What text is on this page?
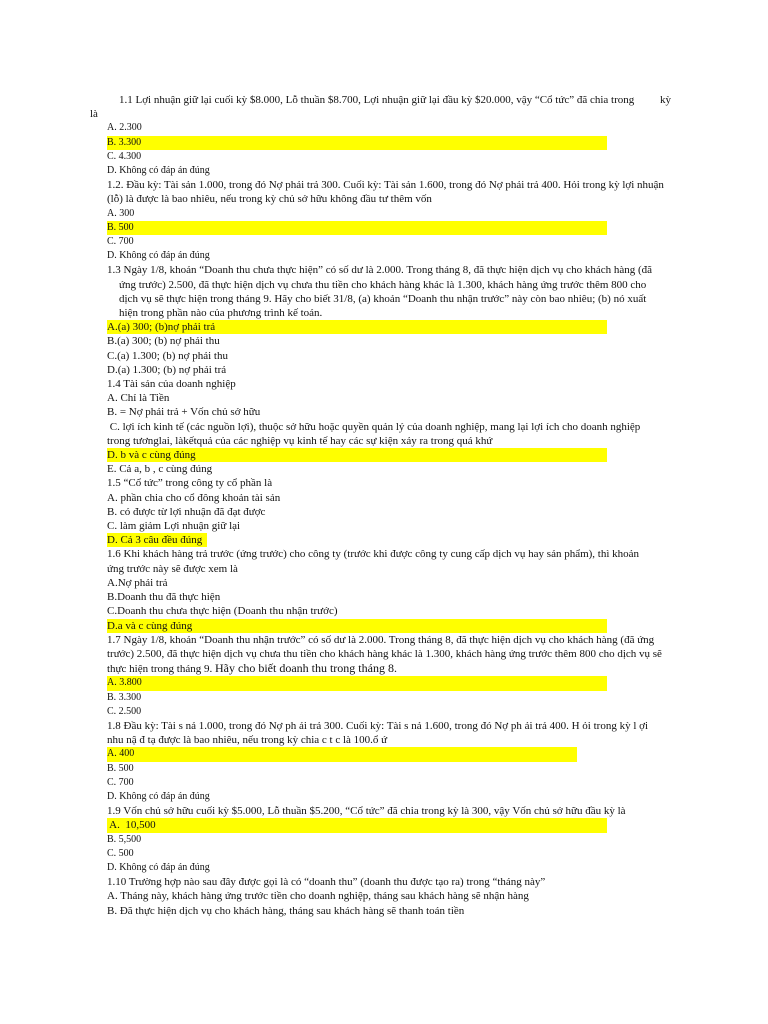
1.1 Lợi nhuận giữ lại cuối kỳ $8.000, Lỗ thuần $8.700, Lợi nhuận giữ lại đầu kỳ $20.000, vậy “Cổ tức” đã chia trong	kỳ
là
A. 2.300
B. 3.300
C. 4.300
D. Không có đáp án đúng
1.2. Đầu kỳ: Tài sản 1.000, trong đó Nợ phải trả 300. Cuối kỳ: Tài sản 1.600, trong đó Nợ phải trả 400. Hỏi trong kỳ lợi nhuận
(lỗ) là được là bao nhiêu, nếu trong kỳ chủ sở hữu không đầu tư thêm vốn
A. 300
B. 500
C. 700
D. Không có đáp án đúng
1.3 Ngày 1/8, khoản “Doanh thu chưa thực hiện” có số dư là 2.000. Trong tháng 8, đã thực hiện dịch vụ cho khách hàng (đã
ứng trước) 2.500, đã thực hiện dịch vụ chưa thu tiền cho khách hàng khác là 1.300, khách hàng ứng trước thêm 800 cho
dịch vụ sẽ thực hiện trong tháng 9. Hãy cho biết 31/8, (a) khoản “Doanh thu nhận trước” này còn bao nhiêu; (b) nó xuất
hiện trong phần nào của phương trình kế toán.
A.(a) 300; (b)nợ phải trả
B.(a) 300; (b) nợ phải thu
C.(a) 1.300; (b) nợ phải thu
D.(a) 1.300; (b) nợ phải trả
1.4 Tài sản của doanh nghiệp
A. Chỉ là Tiền
B. = Nợ phải trả + Vốn chủ sở hữu
C. lợi ích kinh tế (các nguồn lợi), thuộc sở hữu hoặc quyền quản lý của doanh nghiệp, mang lại lợi ích cho doanh nghiệp
trong tươnglai, làkếtquả của các nghiệp vụ kinh tế hay các sự kiện xảy ra trong quá khứ
D. b và c cùng đúng
E. Cả a, b , c cùng đúng
1.5 “Cổ tức” trong công ty cổ phần là
A. phần chia cho cổ đông khoản tài sản
B. có được từ lợi nhuận đã đạt được
C. làm giảm Lợi nhuận giữ lại
D. Cả 3 câu đều đúng
1.6 Khi khách hàng trả trước (ứng trước) cho công ty (trước khi được công ty cung cấp dịch vụ hay sản phẩm), thì khoản
ứng trước này sẽ được xem là
A.Nợ phải trả
B.Doanh thu đã thực hiện
C.Doanh thu chưa thực hiện (Doanh thu nhận trước)
D.a và c cùng đúng
1.7 Ngày 1/8, khoản “Doanh thu nhận trước” có số dư là 2.000. Trong tháng 8, đã thực hiện dịch vụ cho khách hàng (đã ứng
trước) 2.500, đã thực hiện dịch vụ chưa thu tiền cho khách hàng khác là 1.300, khách hàng ứng trước thêm 800 cho dịch vụ sẽ
thực hiện trong tháng 9. Hãy cho biết doanh thu trong tháng 8.
A. 3.800
B. 3.300
C. 2.500
1.8 Đầu kỳ: Tài s nả 1.000, trong đó Nợ ph ải trả 300. Cuối kỳ: Tài s nả 1.600, trong đó Nợ ph ải trả 400. H ỏi trong kỳ l ợi
nhu nậ đ tạ được là bao nhiêu, nếu trong kỳ chia c t c là 100.ổ ứ
A. 400
B. 500
C. 700
D. Không có đáp án đúng
1.9 Vốn chủ sở hữu cuối kỳ $5.000, Lỗ thuần $5.200, “Cổ tức” đã chia trong kỳ là 300, vậy Vốn chủ sở hữu đầu kỳ là
A.  10,500
B. 5,500
C. 500
D. Không có đáp án đúng
1.10 Trường hợp nào sau đây được gọi là có “doanh thu” (doanh thu được tạo ra) trong “tháng này”
A. Tháng này, khách hàng ứng trước tiền cho doanh nghiệp, tháng sau khách hàng sẽ nhận hàng
B. Đã thực hiện dịch vụ cho khách hàng, tháng sau khách hàng sẽ thanh toán tiền
